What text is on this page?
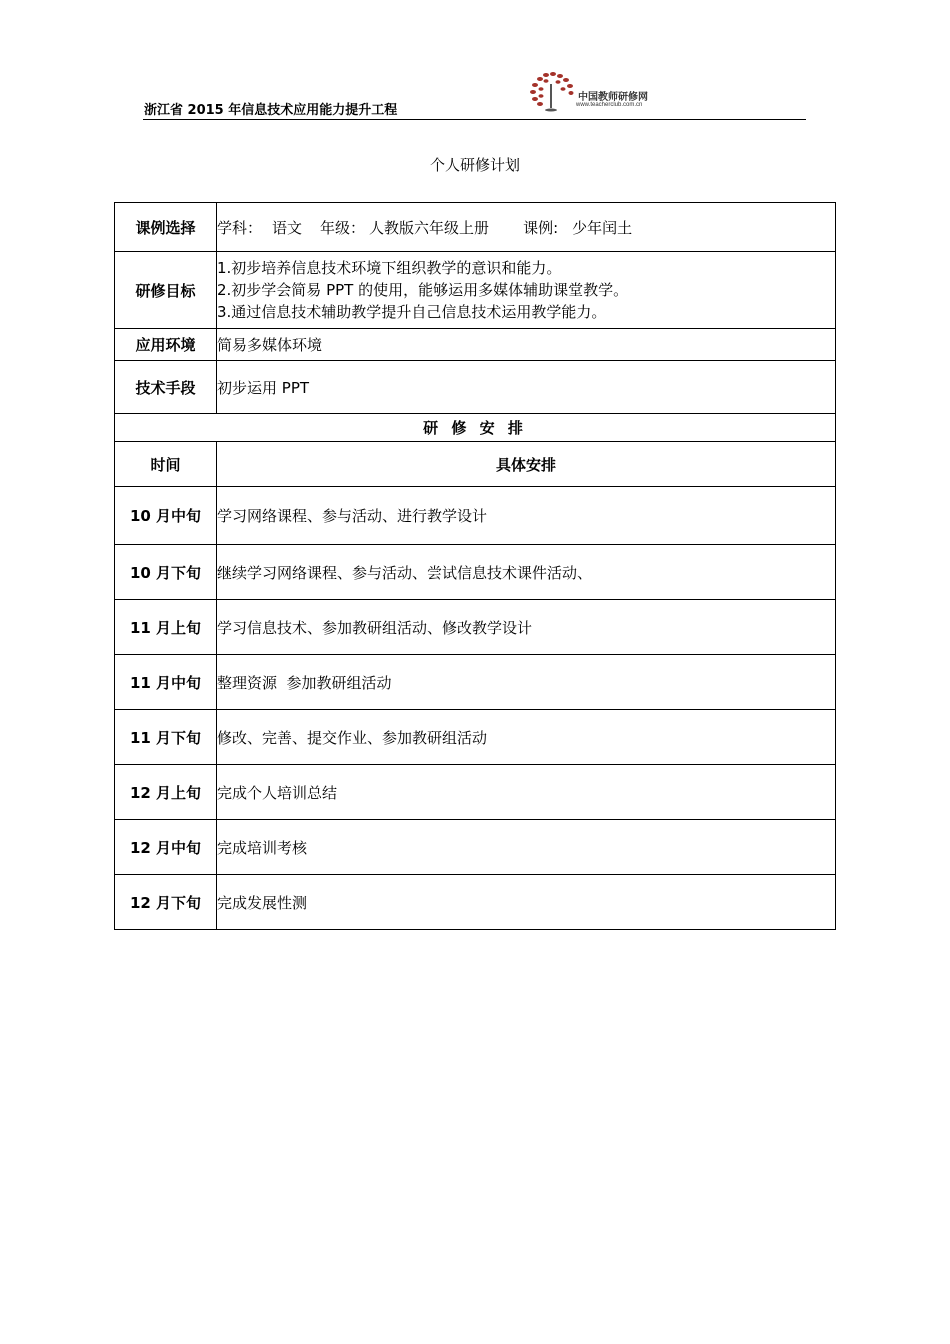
浙江省 2015 年信息技术应用能力提升工程
中国教师研修网
www.teacherclub.com.cn
个人研修计划
课例选择	学科： 语文 年级： 人教版六年级上册 课例: 少年闰土
研修目标	1.初步培养信息技术环境下组织教学的意识和能力。
2.初步学会简易 PPT 的使用，能够运用多媒体辅助课堂教学。
3.通过信息技术辅助教学提升自己信息技术运用教学能力。

应用环境	简易多媒体环境
技术手段	初步运用 PPT
研 修 安 排	
时间	具体安排
10 月中旬	学习网络课程、参与活动、进行教学设计
10 月下旬	继续学习网络课程、参与活动、尝试信息技术课件活动、
11 月上旬	学习信息技术、参加教研组活动、修改教学设计
11 月中旬	整理资源  参加教研组活动
11 月下旬	修改、完善、提交作业、参加教研组活动
12 月上旬	完成个人培训总结
12 月中旬	完成培训考核
12 月下旬	完成发展性测
